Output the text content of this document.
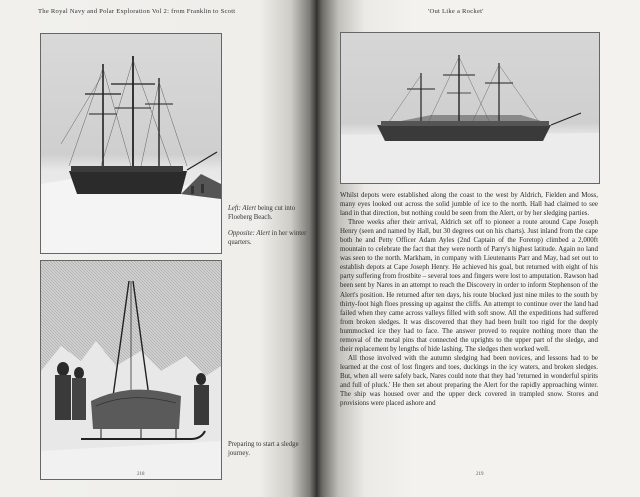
The Royal Navy and Polar Exploration Vol 2: from Franklin to Scott
Left: Alert being cut into Floeberg Beach.
Opposite: Alert in her winter quarters.
Preparing to start a sledge journey.
218
'Out Like a Rocket'

Whilst depots were established along the coast to the west by Aldrich, Fielden and Moss, many eyes looked out across the solid jumble of ice to the north. Hall had claimed to see land in that direction, but nothing could be seen from the Alert, or by her sledging parties.

Three weeks after their arrival, Aldrich set off to pioneer a route around Cape Joseph Henry (seen and named by Hall, but 30 degrees out on his charts). Just inland from the cape both he and Petty Officer Adam Ayles (2nd Captain of the Foretop) climbed a 2,000ft mountain to celebrate the fact that they were north of Parry's highest latitude. Again no land was seen to the north. Markham, in company with Lieutenants Parr and May, had set out to establish depots at Cape Joseph Henry. He achieved his goal, but returned with eight of his party suffering from frostbite – several toes and fingers were lost to amputation. Rawson had been sent by Nares in an attempt to reach the Discovery in order to inform Stephenson of the Alert's position. He returned after ten days, his route blocked just nine miles to the south by thirty-foot high floes pressing up against the cliffs. An attempt to continue over the land had failed when they came across valleys filled with soft snow. All the expeditions had suffered from broken sledges. It was discovered that they had been built too rigid for the deeply hummocked ice they had to face. The answer proved to require nothing more than the removal of the metal pins that connected the uprights to the upper part of the sledge, and their replacement by lengths of hide lashing. The sledges then worked well.

All those involved with the autumn sledging had been novices, and lessons had to be learned at the cost of lost fingers and toes, duckings in the icy waters, and broken sledges. But, when all were safely back, Nares could note that they had 'returned in wonderful spirits and full of pluck.' He then set about preparing the Alert for the rapidly approaching winter. The ship was housed over and the upper deck covered in trampled snow. Stores and provisions were placed ashore and

219
